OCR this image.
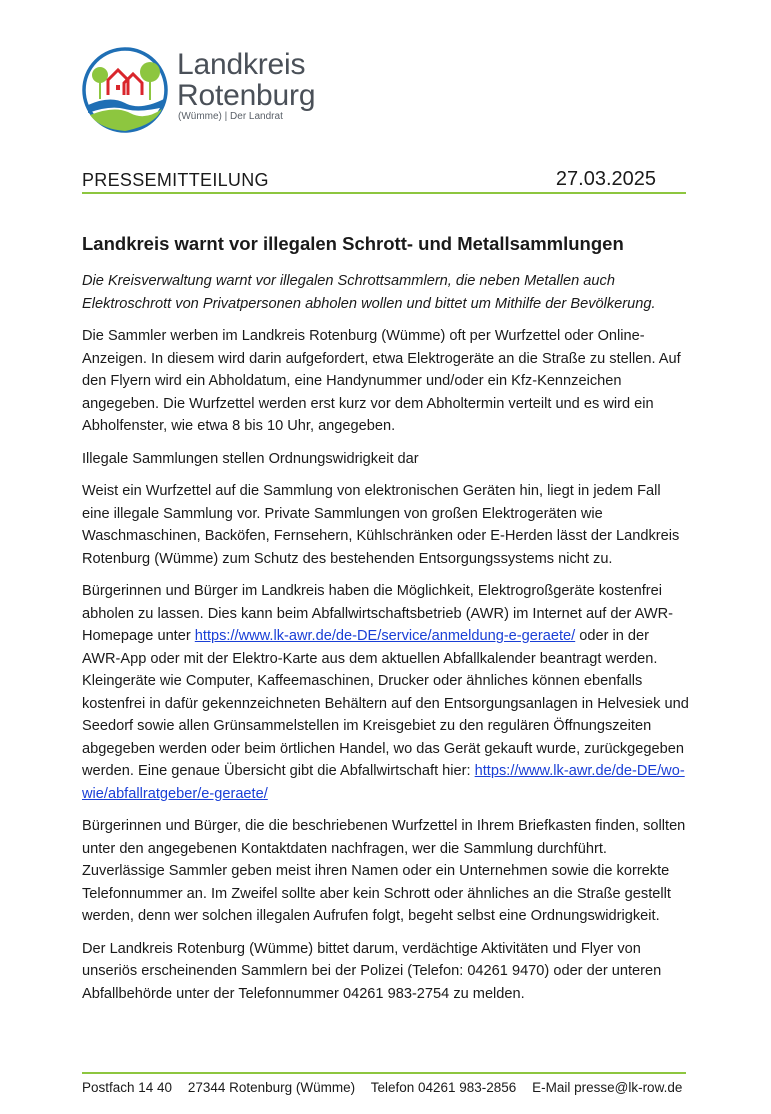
Landkreis
Rotenburg
(Wümme) | Der Landrat
PRESSEMITTEILUNG	27.03.2025
Landkreis warnt vor illegalen Schrott- und Metallsammlungen

Die Kreisverwaltung warnt vor illegalen Schrottsammlern, die neben Metallen auch Elektroschrott von Privatpersonen abholen wollen und bittet um Mithilfe der Bevölkerung.

Die Sammler werben im Landkreis Rotenburg (Wümme) oft per Wurfzettel oder Online-Anzeigen. In diesem wird darin aufgefordert, etwa Elektrogeräte an die Straße zu stellen. Auf den Flyern wird ein Abholdatum, eine Handynummer und/oder ein Kfz-Kennzeichen angegeben. Die Wurfzettel werden erst kurz vor dem Abholtermin verteilt und es wird ein Abholfenster, wie etwa 8 bis 10 Uhr, angegeben.

Illegale Sammlungen stellen Ordnungswidrigkeit dar

Weist ein Wurfzettel auf die Sammlung von elektronischen Geräten hin, liegt in jedem Fall eine illegale Sammlung vor. Private Sammlungen von großen Elektrogeräten wie Waschmaschinen, Backöfen, Fernsehern, Kühlschränken oder E-Herden lässt der Landkreis Rotenburg (Wümme) zum Schutz des bestehenden Entsorgungssystems nicht zu.

Bürgerinnen und Bürger im Landkreis haben die Möglichkeit, Elektrogroßgeräte kostenfrei abholen zu lassen. Dies kann beim Abfallwirtschaftsbetrieb (AWR) im Internet auf der AWR-Homepage unter https://www.lk-awr.de/de-DE/service/anmeldung-e-geraete/ oder in der AWR-App oder mit der Elektro-Karte aus dem aktuellen Abfallkalender beantragt werden. Kleingeräte wie Computer, Kaffeemaschinen, Drucker oder ähnliches können ebenfalls kostenfrei in dafür gekennzeichneten Behältern auf den Entsorgungsanlagen in Helvesiek und Seedorf sowie allen Grünsammelstellen im Kreisgebiet zu den regulären Öffnungszeiten abgegeben werden oder beim örtlichen Handel, wo das Gerät gekauft wurde, zurückgegeben werden. Eine genaue Übersicht gibt die Abfallwirtschaft hier: https://www.lk-awr.de/de-DE/wo-wie/abfallratgeber/e-geraete/

Bürgerinnen und Bürger, die die beschriebenen Wurfzettel in Ihrem Briefkasten finden, sollten unter den angegebenen Kontaktdaten nachfragen, wer die Sammlung durchführt. Zuverlässige Sammler geben meist ihren Namen oder ein Unternehmen sowie die korrekte Telefonnummer an. Im Zweifel sollte aber kein Schrott oder ähnliches an die Straße gestellt werden, denn wer solchen illegalen Aufrufen folgt, begeht selbst eine Ordnungswidrigkeit.

Der Landkreis Rotenburg (Wümme) bittet darum, verdächtige Aktivitäten und Flyer von unseriös erscheinenden Sammlern bei der Polizei (Telefon: 04261 9470) oder der unteren Abfallbehörde unter der Telefonnummer 04261 983-2754 zu melden.

Postfach 14 40 27344 Rotenburg (Wümme) Telefon 04261 983-2856 E-Mail presse@lk-row.de
